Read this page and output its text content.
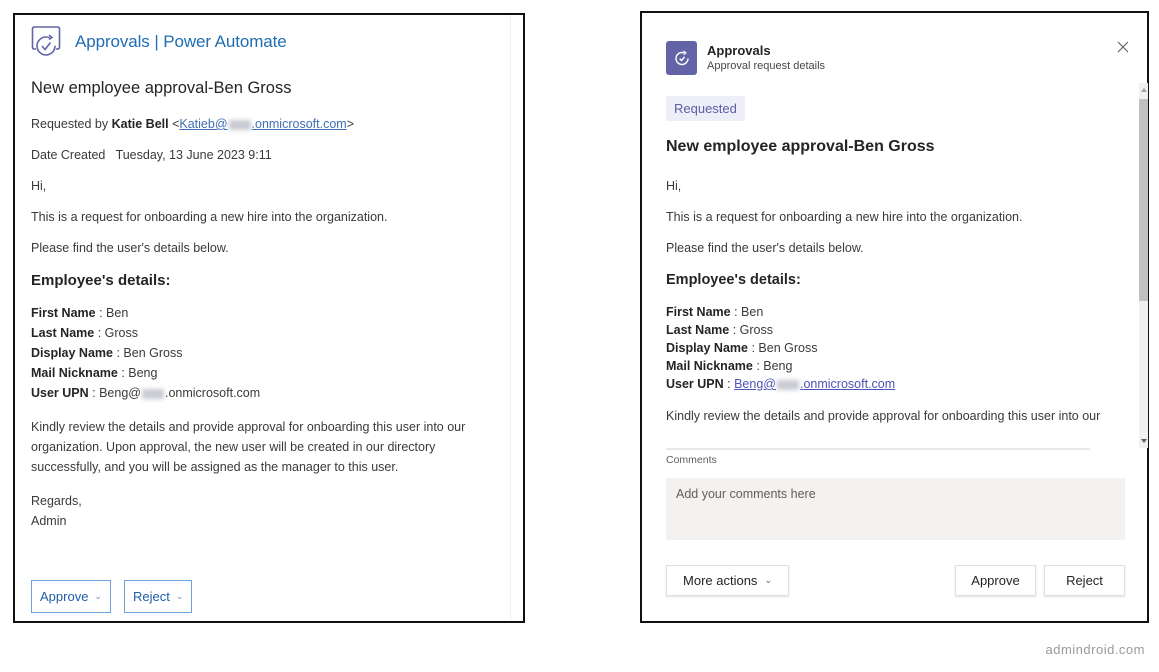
Approvals | Power Automate
New employee approval-Ben Gross
Requested by Katie Bell <Katieb@ .onmicrosoft.com>
Date Created Tuesday, 13 June 2023 9:11
Hi,
This is a request for onboarding a new hire into the organization.
Please find the user's details below.
Employee's details:
First Name : Ben
Last Name : Gross
Display Name : Ben Gross
Mail Nickname : Beng
User UPN : Beng@ .onmicrosoft.com
Kindly review the details and provide approval for onboarding this user into our organization. Upon approval, the new user will be created in our directory successfully, and you will be assigned as the manager to this user.
Regards,
Admin
Approve ⌄ Reject ⌄
Approvals
Approval request details
Requested
New employee approval-Ben Gross
Hi,
This is a request for onboarding a new hire into the organization.
Please find the user's details below.
Employee's details:
First Name : Ben
Last Name : Gross
Display Name : Ben Gross
Mail Nickname : Beng
User UPN : Beng@ .onmicrosoft.com
Kindly review the details and provide approval for onboarding this user into our
Comments
Add your comments here
More actions ⌄	Approve	Reject
admindroid.com
